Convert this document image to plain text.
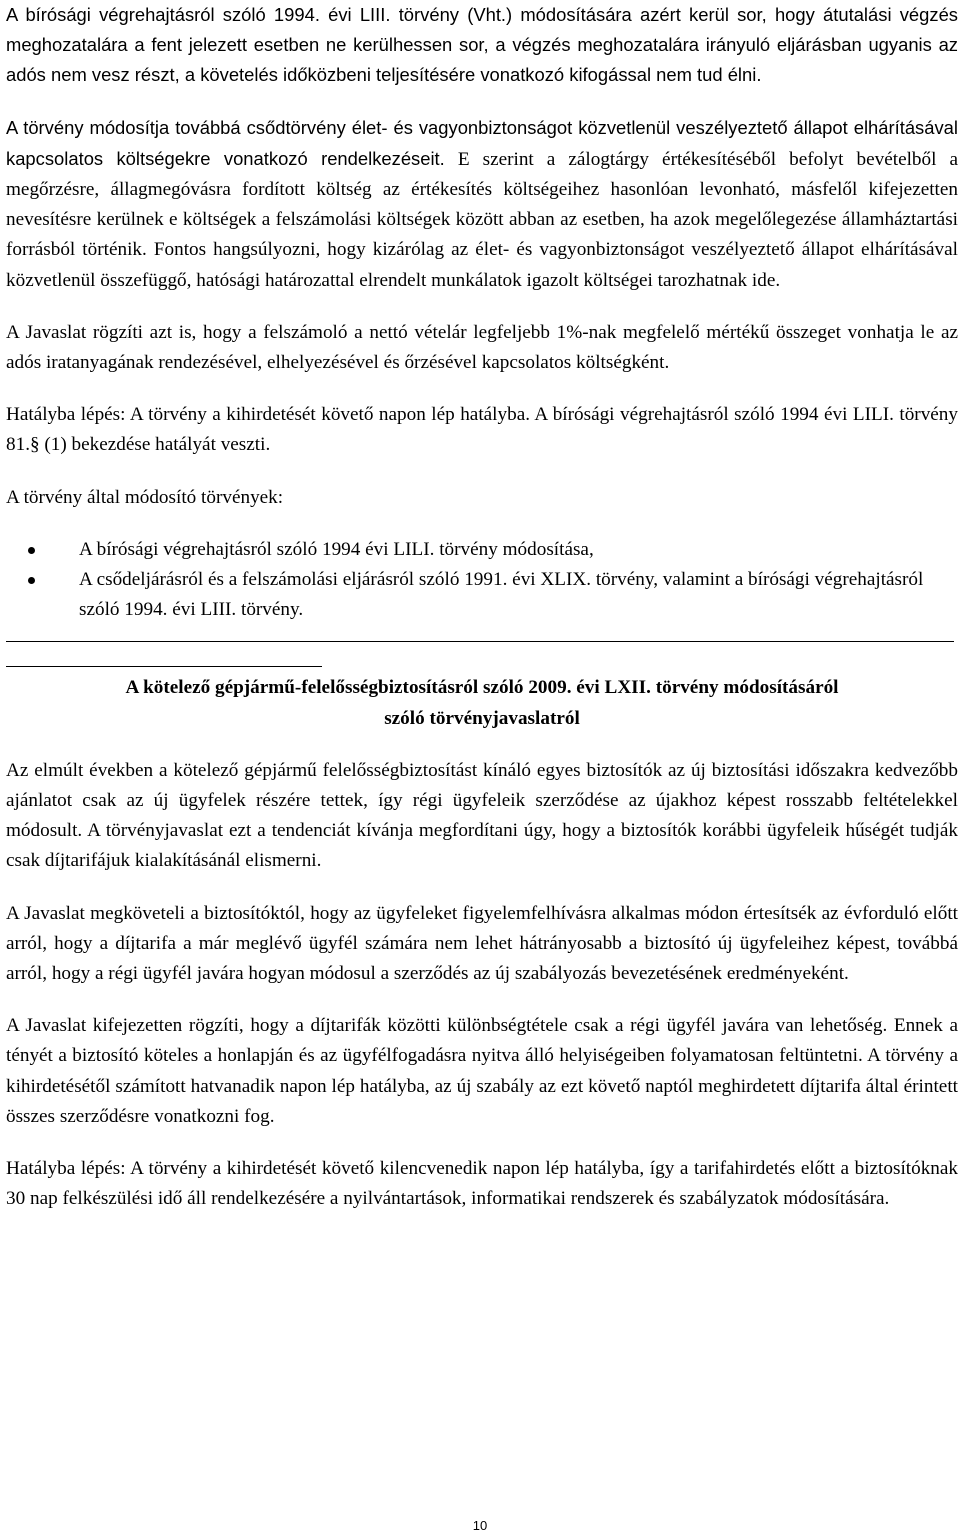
A bírósági végrehajtásról szóló 1994. évi LIII. törvény (Vht.) módosítására azért kerül sor, hogy átutalási végzés meghozatalára a fent jelezett esetben ne kerülhessen sor, a végzés meghozatalára irányuló eljárásban ugyanis az adós nem vesz részt, a követelés időközbeni teljesítésére vonatkozó kifogással nem tud élni.

A törvény módosítja továbbá csődtörvény élet- és vagyonbiztonságot közvetlenül veszélyeztető állapot elhárításával kapcsolatos költségekre vonatkozó rendelkezéseit. E szerint a zálogtárgy értékesítéséből befolyt bevételből a megőrzésre, állagmegóvásra fordított költség az értékesítés költségeihez hasonlóan levonható, másfelől kifejezetten nevesítésre kerülnek e költségek a felszámolási költségek között abban az esetben, ha azok megelőlegezése államháztartási forrásból történik. Fontos hangsúlyozni, hogy kizárólag az élet- és vagyonbiztonságot veszélyeztető állapot elhárításával közvetlenül összefüggő, hatósági határozattal elrendelt munkálatok igazolt költségei tarozhatnak ide.

A Javaslat rögzíti azt is, hogy a felszámoló a nettó vételár legfeljebb 1%-nak megfelelő mértékű összeget vonhatja le az adós iratanyagának rendezésével, elhelyezésével és őrzésével kapcsolatos költségként.

Hatályba lépés: A törvény a kihirdetését követő napon lép hatályba. A bírósági végrehajtásról szóló 1994 évi LILI. törvény 81.§ (1) bekezdése hatályát veszti.

A törvény által módosító törvények:

A bírósági végrehajtásról szóló 1994 évi LILI. törvény módosítása,
A csődeljárásról és a felszámolási eljárásról szóló 1991. évi XLIX. törvény, valamint a bírósági végrehajtásról szóló 1994. évi LIII. törvény.
A kötelező gépjármű-felelősségbiztosításról szóló 2009. évi LXII. törvény módosításáról
szóló törvényjavaslatról

Az elmúlt években a kötelező gépjármű felelősségbiztosítást kínáló egyes biztosítók az új biztosítási időszakra kedvezőbb ajánlatot csak az új ügyfelek részére tettek, így régi ügyfeleik szerződése az újakhoz képest rosszabb feltételekkel módosult. A törvényjavaslat ezt a tendenciát kívánja megfordítani úgy, hogy a biztosítók korábbi ügyfeleik hűségét tudják csak díjtarifájuk kialakításánál elismerni.

A Javaslat megköveteli a biztosítóktól, hogy az ügyfeleket figyelemfelhívásra alkalmas módon értesítsék az évforduló előtt arról, hogy a díjtarifa a már meglévő ügyfél számára nem lehet hátrányosabb a biztosító új ügyfeleihez képest, továbbá arról, hogy a régi ügyfél javára hogyan módosul a szerződés az új szabályozás bevezetésének eredményeként.

A Javaslat kifejezetten rögzíti, hogy a díjtarifák közötti különbségtétele csak a régi ügyfél javára van lehetőség. Ennek a tényét a biztosító köteles a honlapján és az ügyfélfogadásra nyitva álló helyiségeiben folyamatosan feltüntetni. A törvény a kihirdetésétől számított hatvanadik napon lép hatályba, az új szabály az ezt követő naptól meghirdetett díjtarifa által érintett összes szerződésre vonatkozni fog.

Hatályba lépés: A törvény a kihirdetését követő kilencvenedik napon lép hatályba, így a tarifahirdetés előtt a biztosítóknak 30 nap felkészülési idő áll rendelkezésére a nyilvántartások, informatikai rendszerek és szabályzatok módosítására.

10
